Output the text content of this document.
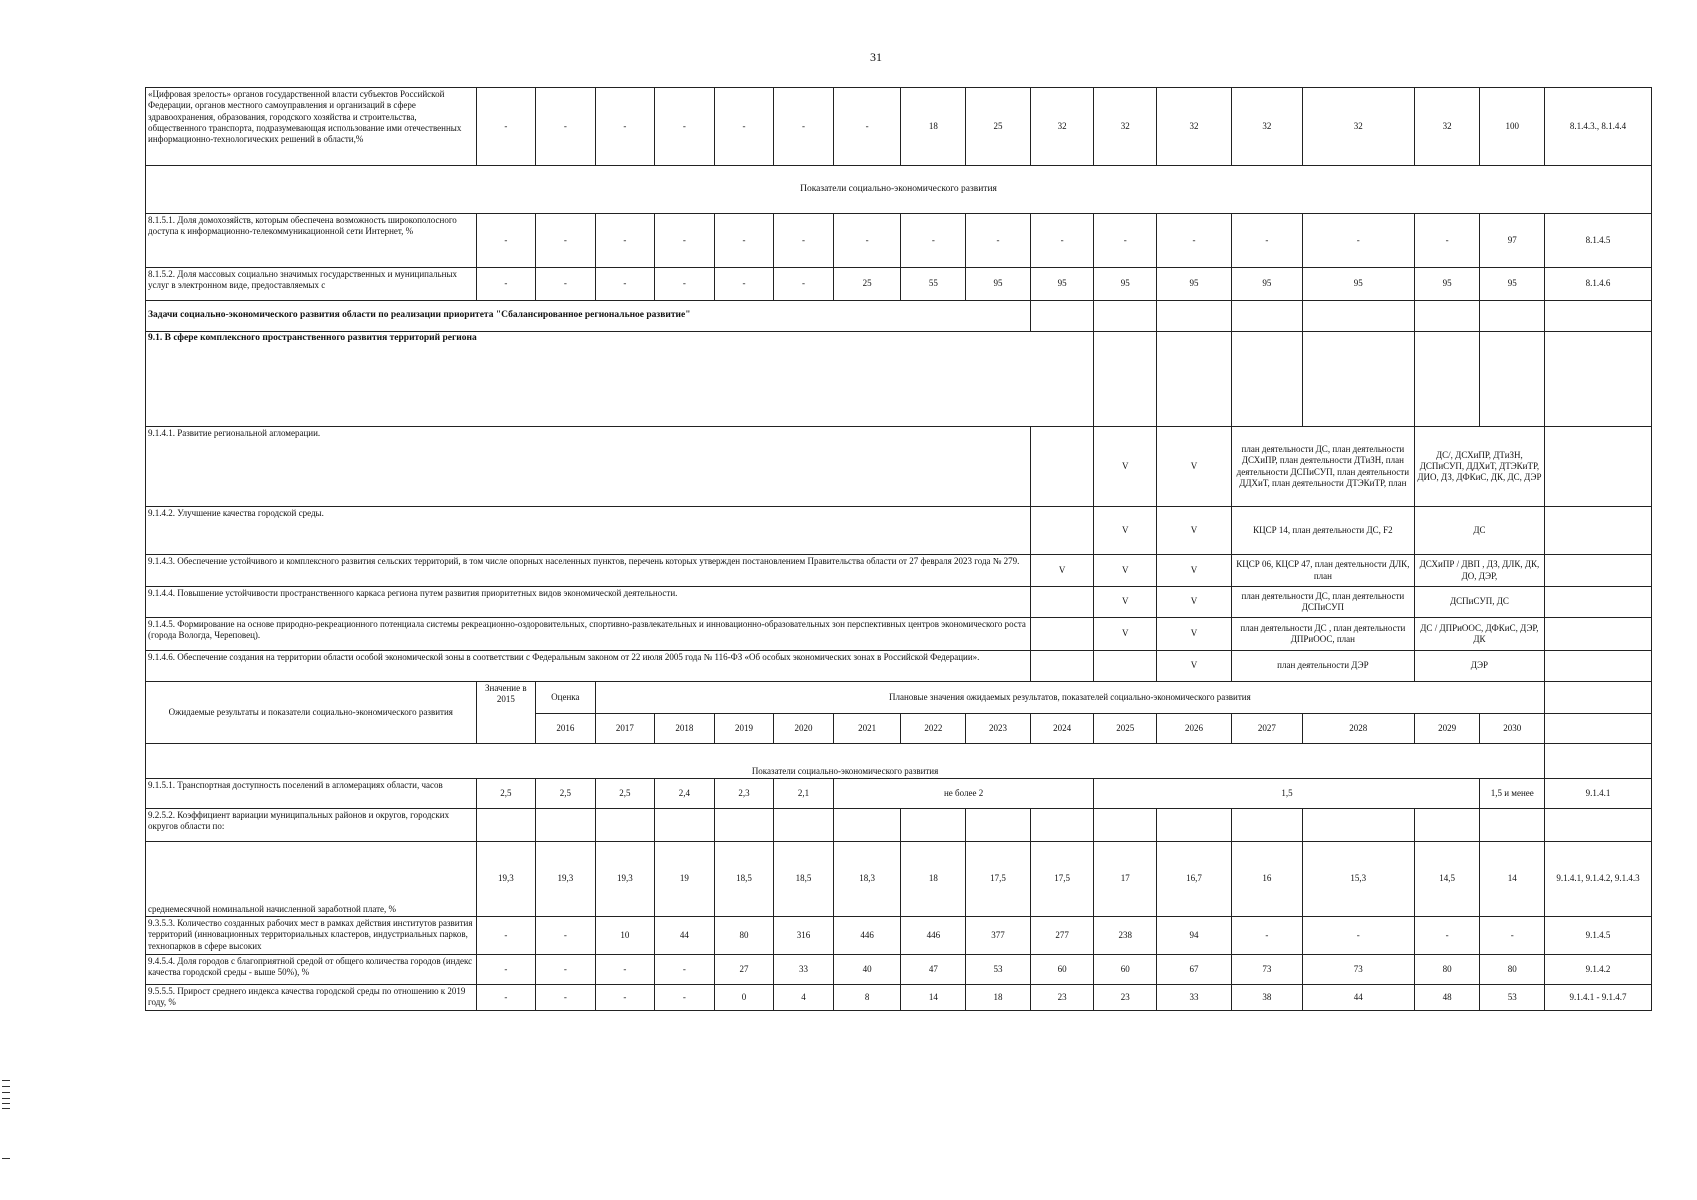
31
«Цифровая зрелость» органов государственной власти субъектов Российской Федерации, органов местного самоуправления и организаций в сфере здравоохранения, образования, городского хозяйства и строительства, общественного транспорта, подразумевающая использование ими отечественных информационно-технологических решений в области,%	-	-	-	-	-	-	-	18	25	32	32	32	32	32	32	100	8.1.4.3., 8.1.4.4
Показатели социально-экономического развития																	
8.1.5.1. Доля домохозяйств, которым обеспечена возможность широкополосного доступа к информационно-телекоммуникационной сети Интернет, %	-	-	-	-	-	-	-	-	-	-	-	-	-	-	-	97	8.1.4.5
8.1.5.2. Доля массовых социально значимых государственных и муниципальных услуг в электронном виде, предоставляемых с	-	-	-	-	-	-	25	55	95	95	95	95	95	95	95	95	8.1.4.6
Задачи социально-экономического развития области по реализации приоритета "Сбалансированное региональное развитие"																	
9.1. В сфере комплексного пространственного развития территорий региона																	
9.1.4.1. Развитие региональной агломерации.											V	V	план деятельности ДС, план деятельности ДСХиПР, план деятельности ДТиЗН, план деятельности ДСПиСУП, план деятельности ДДХиТ, план деятельности ДТЭКиТР, план		ДС/, ДСХиПР, ДТиЗН, ДСПиСУП, ДДХиТ, ДТЭКиТР, ДИО, ДЗ, ДФКиС, ДК, ДС, ДЭР		
9.1.4.2. Улучшение качества городской среды.											V	V	КЦСР 14, план деятельности ДС, F2		ДС		
9.1.4.3. Обеспечение устойчивого и комплексного развития сельских территорий, в том числе опорных населенных пунктов, перечень которых утвержден постановлением Правительства области от 27 февраля 2023 года № 279.										V	V	V	КЦСР 06, КЦСР 47, план деятельности ДЛК, план		ДСХиПР / ДВП , ДЗ, ДЛК, ДК, ДО, ДЭР,		
9.1.4.4. Повышение устойчивости пространственного каркаса региона путем развития приоритетных видов экономической деятельности.											V	V	план деятельности ДС, план деятельности ДСПиСУП		ДСПиСУП, ДС		
9.1.4.5. Формирование на основе природно-рекреационного потенциала системы рекреационно-оздоровительных, спортивно-развлекательных и инновационно-образовательных зон перспективных центров экономического роста (города Вологда, Череповец).											V	V	план деятельности ДС , план деятельности ДПРиООС, план		ДС / ДПРиООС, ДФКиС, ДЭР, ДК		
9.1.4.6. Обеспечение создания на территории области особой экономической зоны в соответствии с Федеральным законом от 22 июля 2005 года № 116-ФЗ «Об особых экономических зонах в Российской Федерации».												V	план деятельности ДЭР		ДЭР		
Ожидаемые результаты и показатели социально-экономического развития	Значение в 2015	Оценка	Плановые значения ожидаемых результатов, показателей социально-экономического развития														
		2016	2017	2018	2019	2020	2021	2022	2023	2024	2025	2026	2027	2028	2029	2030	
Показатели социально-экономического развития																	
9.1.5.1. Транспортная доступность поселений в агломерациях области, часов	2,5	2,5	2,5	2,4	2,3	2,1	не более 2				1,5					1,5 и менее	9.1.4.1
9.2.5.2. Коэффициент вариации муниципальных районов и округов, городских округов области по:																	
среднемесячной номинальной начисленной заработной плате, %	19,3	19,3	19,3	19	18,5	18,5	18,3	18	17,5	17,5	17	16,7	16	15,3	14,5	14	9.1.4.1, 9.1.4.2, 9.1.4.3
9.3.5.3. Количество созданных рабочих мест в рамках действия институтов развития территорий (инновационных территориальных кластеров, индустриальных парков, технопарков в сфере высоких	-	-	10	44	80	316	446	446	377	277	238	94	-	-	-	-	9.1.4.5
9.4.5.4. Доля городов с благоприятной средой от общего количества городов (индекс качества городской среды - выше 50%), %	-	-	-	-	27	33	40	47	53	60	60	67	73	73	80	80	9.1.4.2
9.5.5.5. Прирост среднего индекса качества городской среды по отношению к 2019 году, %	-	-	-	-	0	4	8	14	18	23	23	33	38	44	48	53	9.1.4.1 - 9.1.4.7
